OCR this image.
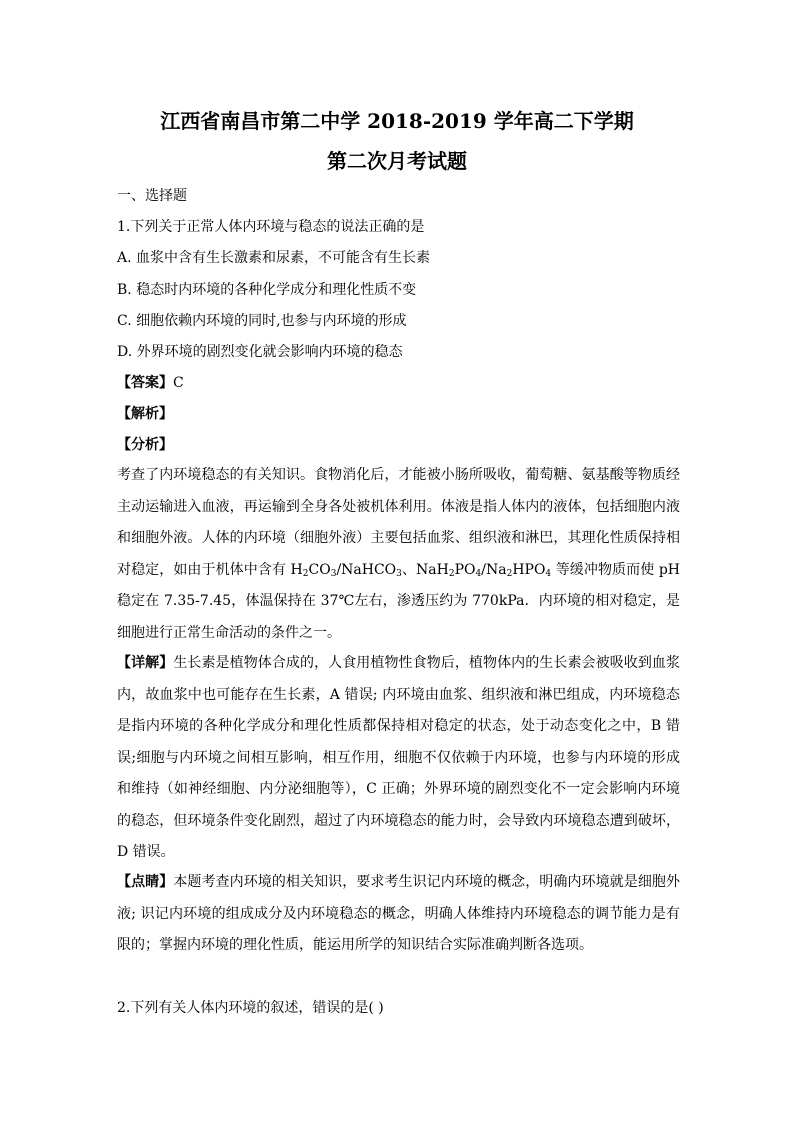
江西省南昌市第二中学 2018-2019 学年高二下学期
第二次月考试题
一、选择题
1.下列关于正常人体内环境与稳态的说法正确的是
A. 血浆中含有生长激素和尿素，不可能含有生长素
B. 稳态时内环境的各种化学成分和理化性质不变
C. 细胞依赖内环境的同时,也参与内环境的形成
D. 外界环境的剧烈变化就会影响内环境的稳态
【答案】C
【解析】
【分析】
考查了内环境稳态的有关知识。食物消化后，才能被小肠所吸收，葡萄糖、氨基酸等物质经主动运输进入血液，再运输到全身各处被机体利用。体液是指人体内的液体，包括细胞内液和细胞外液。人体的内环境（细胞外液）主要包括血浆、组织液和淋巴，其理化性质保持相对稳定，如由于机体中含有 $H_2CO_3/NaHCO_3$、$NaH_2PO_4/Na_2HPO_4$ 等缓冲物质而使 pH 稳定在 7.35-7.45，体温保持在 37℃左右，渗透压约为 770kPa．内环境的相对稳定，是细胞进行正常生命活动的条件之一。
【详解】生长素是植物体合成的，人食用植物性食物后，植物体内的生长素会被吸收到血浆内，故血浆中也可能存在生长素，A 错误; 内环境由血浆、组织液和淋巴组成，内环境稳态是指内环境的各种化学成分和理化性质都保持相对稳定的状态，处于动态变化之中，B 错误;细胞与内环境之间相互影响，相互作用，细胞不仅依赖于内环境，也参与内环境的形成和维持（如神经细胞、内分泌细胞等），C 正确；外界环境的剧烈变化不一定会影响内环境的稳态，但环境条件变化剧烈，超过了内环境稳态的能力时，会导致内环境稳态遭到破坏，D 错误。
【点睛】本题考查内环境的相关知识，要求考生识记内环境的概念，明确内环境就是细胞外液; 识记内环境的组成成分及内环境稳态的概念，明确人体维持内环境稳态的调节能力是有限的；掌握内环境的理化性质，能运用所学的知识结合实际准确判断各选项。
2.下列有关人体内环境的叙述，错误的是( )
